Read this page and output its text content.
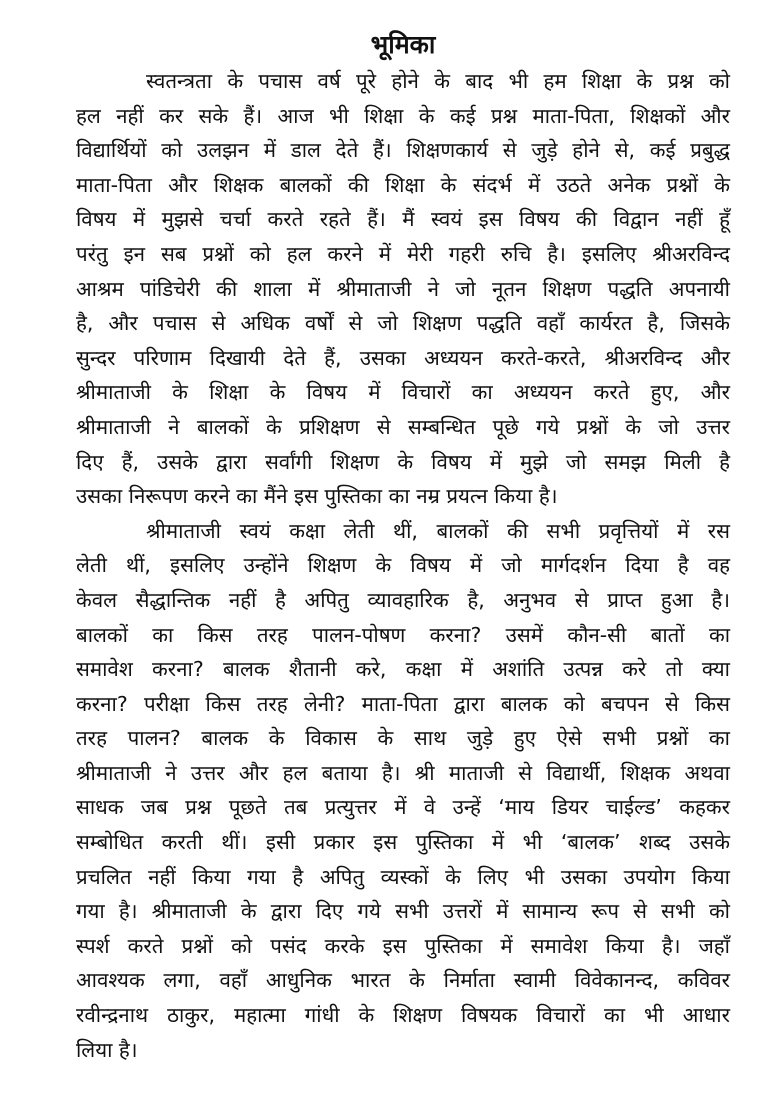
भूमिका
स्वतन्त्रता के पचास वर्ष पूरे होने के बाद भी हम शिक्षा के प्रश्न को
हल नहीं कर सके हैं। आज भी शिक्षा के कई प्रश्न माता-पिता, शिक्षकों और
विद्यार्थियों को उलझन में डाल देते हैं। शिक्षणकार्य से जुड़े होने से, कई प्रबुद्ध
माता-पिता और शिक्षक बालकों की शिक्षा के संदर्भ में उठते अनेक प्रश्नों के
विषय में मुझसे चर्चा करते रहते हैं। मैं स्वयं इस विषय की विद्वान नहीं हूँ
परंतु इन सब प्रश्नों को हल करने में मेरी गहरी रुचि है। इसलिए श्रीअरविन्द
आश्रम पांडिचेरी की शाला में श्रीमाताजी ने जो नूतन शिक्षण पद्धति अपनायी
है, और पचास से अधिक वर्षों से जो शिक्षण पद्धति वहाँ कार्यरत है, जिसके
सुन्दर परिणाम दिखायी देते हैं, उसका अध्ययन करते-करते, श्रीअरविन्द और
श्रीमाताजी के शिक्षा के विषय में विचारों का अध्ययन करते हुए, और
श्रीमाताजी ने बालकों के प्रशिक्षण से सम्बन्धित पूछे गये प्रश्नों के जो उत्तर
दिए हैं, उसके द्वारा सर्वांगी शिक्षण के विषय में मुझे जो समझ मिली है
उसका निरूपण करने का मैंने इस पुस्तिका का नम्र प्रयत्न किया है।
श्रीमाताजी स्वयं कक्षा लेती थीं, बालकों की सभी प्रवृत्तियों में रस
लेती थीं, इसलिए उन्होंने शिक्षण के विषय में जो मार्गदर्शन दिया है वह
केवल सैद्धान्तिक नहीं है अपितु व्यावहारिक है, अनुभव से प्राप्त हुआ है।
बालकों का किस तरह पालन-पोषण करना? उसमें कौन-सी बातों का
समावेश करना? बालक शैतानी करे, कक्षा में अशांति उत्पन्न करे तो क्या
करना? परीक्षा किस तरह लेनी? माता-पिता द्वारा बालक को बचपन से किस
तरह पालन? बालक के विकास के साथ जुड़े हुए ऐसे सभी प्रश्नों का
श्रीमाताजी ने उत्तर और हल बताया है। श्री माताजी से विद्यार्थी, शिक्षक अथवा
साधक जब प्रश्न पूछते तब प्रत्युत्तर में वे उन्हें ‘माय डियर चाईल्ड’ कहकर
सम्बोधित करती थीं। इसी प्रकार इस पुस्तिका में भी ‘बालक’ शब्द उसके
प्रचलित नहीं किया गया है अपितु व्यस्कों के लिए भी उसका उपयोग किया
गया है। श्रीमाताजी के द्वारा दिए गये सभी उत्तरों में सामान्य रूप से सभी को
स्पर्श करते प्रश्नों को पसंद करके इस पुस्तिका में समावेश किया है। जहाँ
आवश्यक लगा, वहाँ आधुनिक भारत के निर्माता स्वामी विवेकानन्द, कविवर
रवीन्द्रनाथ ठाकुर, महात्मा गांधी के शिक्षण विषयक विचारों का भी आधार
लिया है।
